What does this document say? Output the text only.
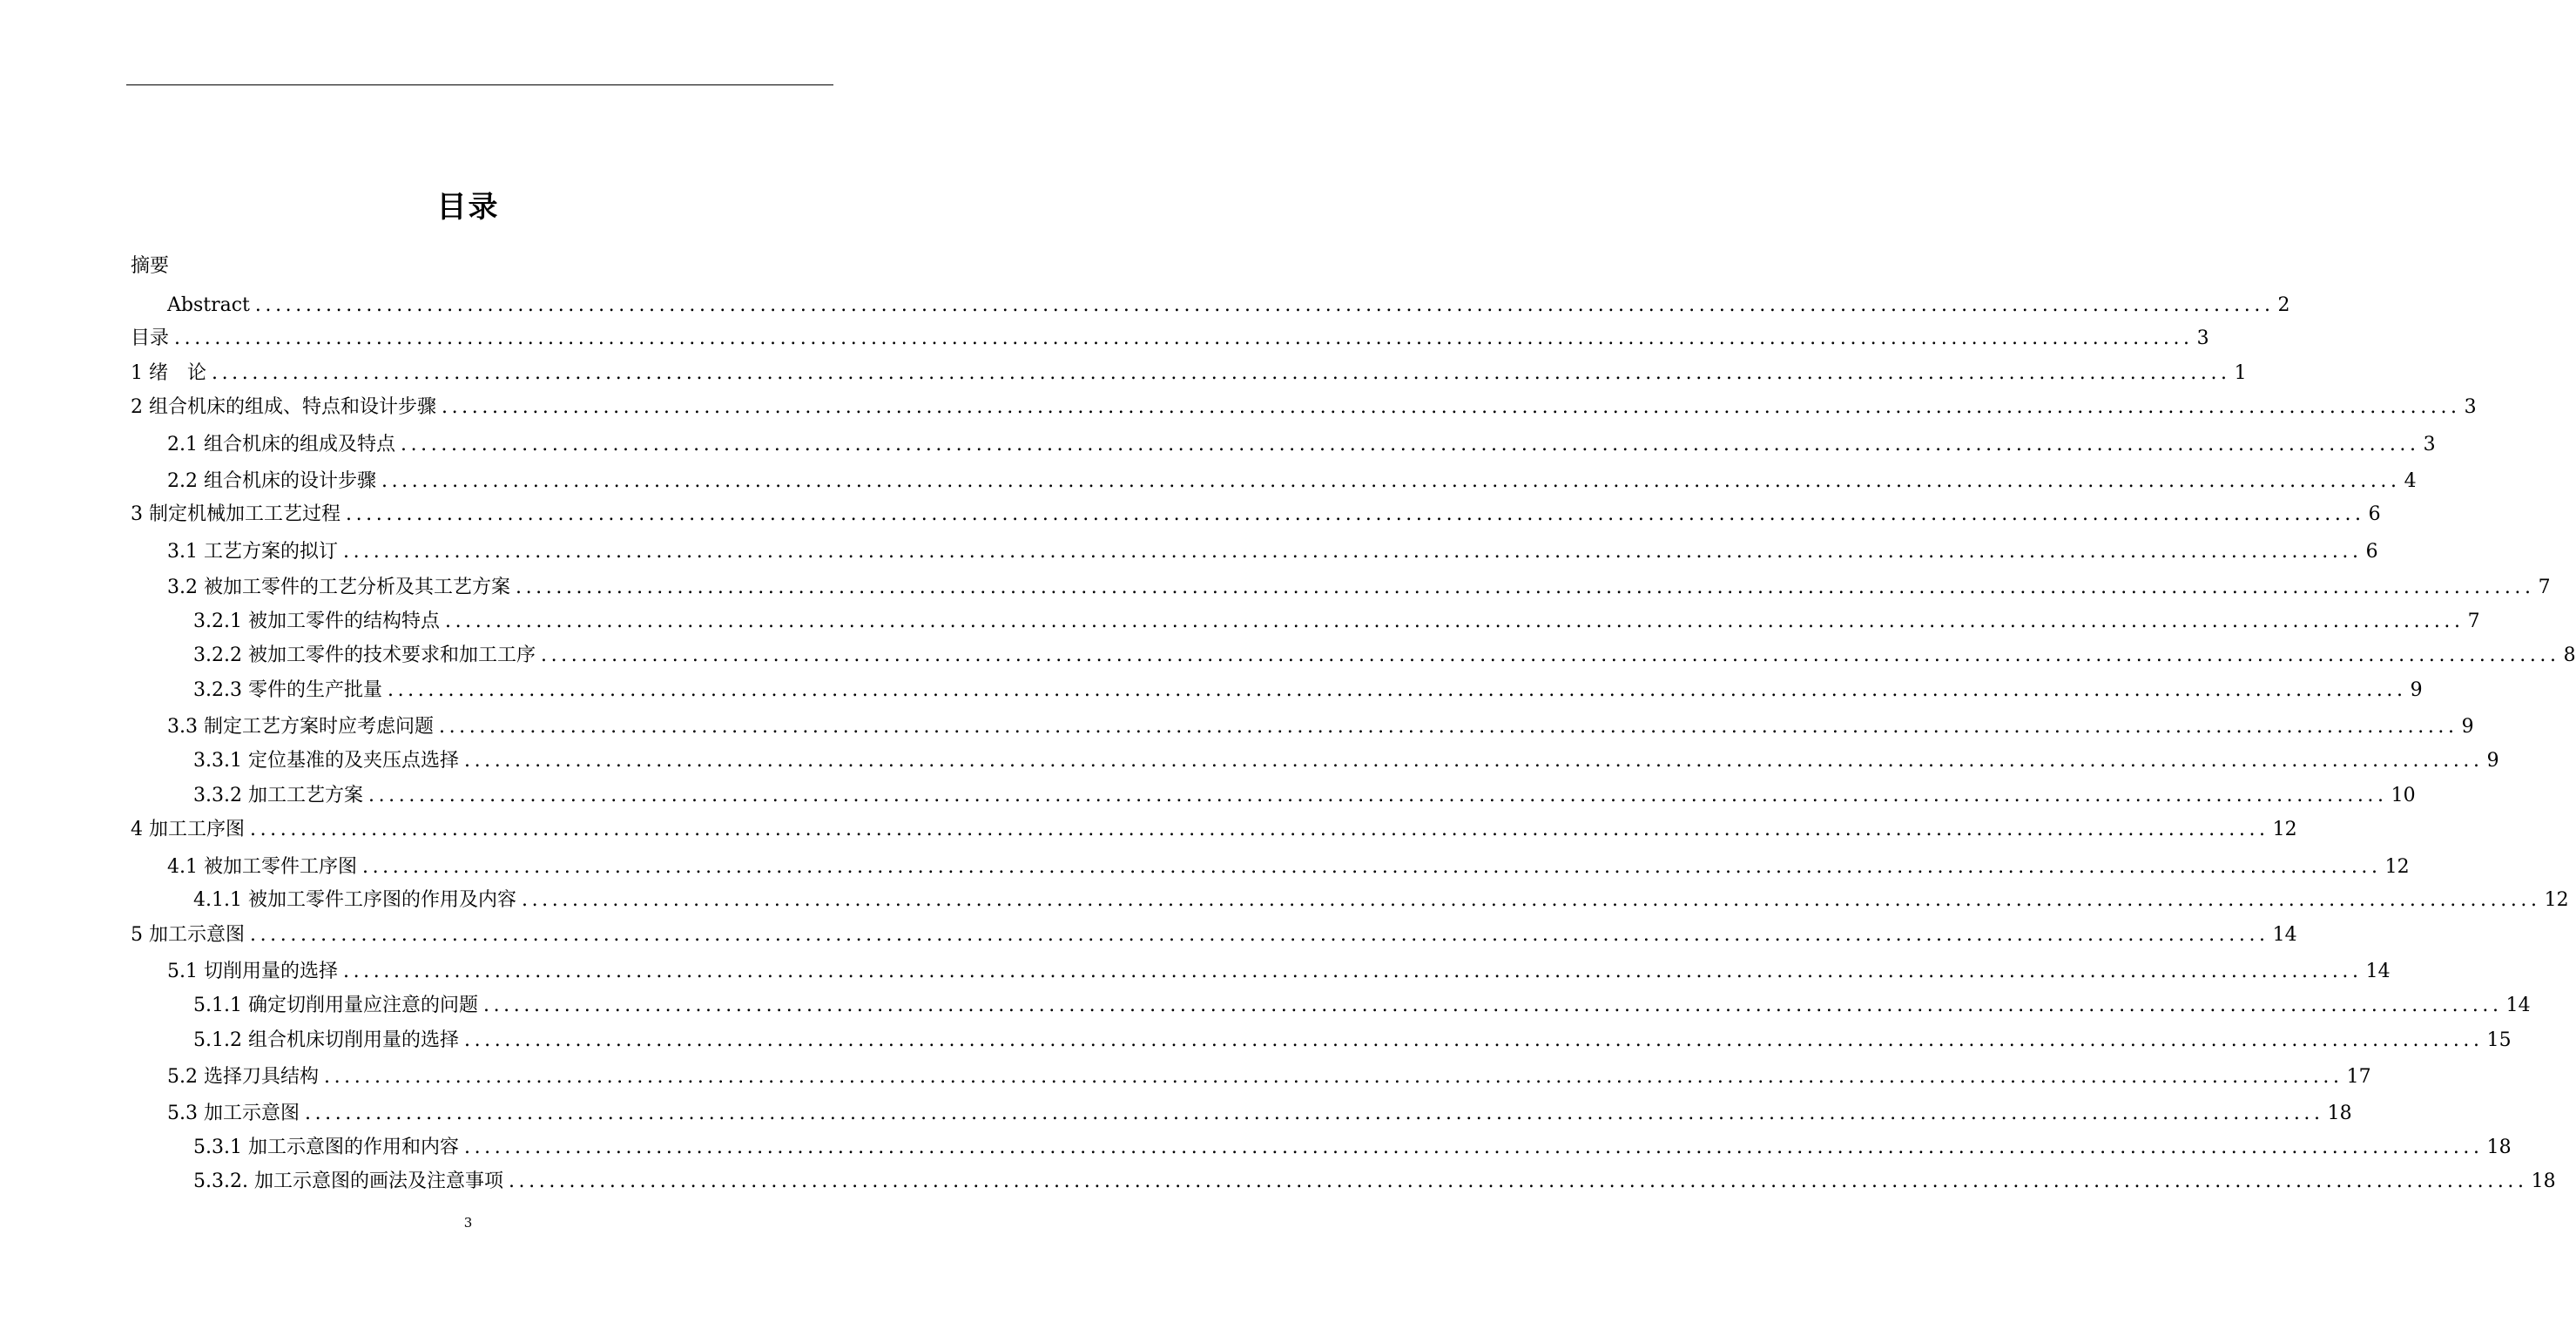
目录
摘要
Abstract ........................................................................................................................................................................................................ 2
目录 ........................................................................................................................................................................................................ 3
1 绪　论 ........................................................................................................................................................................................................ 1
2 组合机床的组成、特点和设计步骤 ........................................................................................................................................................................................................ 3
2.1 组合机床的组成及特点 ........................................................................................................................................................................................................ 3
2.2 组合机床的设计步骤 ........................................................................................................................................................................................................ 4
3 制定机械加工工艺过程 ........................................................................................................................................................................................................ 6
3.1 工艺方案的拟订 ........................................................................................................................................................................................................ 6
3.2 被加工零件的工艺分析及其工艺方案 ........................................................................................................................................................................................................ 7
3.2.1 被加工零件的结构特点 ........................................................................................................................................................................................................ 7
3.2.2 被加工零件的技术要求和加工工序 ........................................................................................................................................................................................................ 8
3.2.3 零件的生产批量 ........................................................................................................................................................................................................ 9
3.3 制定工艺方案时应考虑问题 ........................................................................................................................................................................................................ 9
3.3.1 定位基准的及夹压点选择 ........................................................................................................................................................................................................ 9
3.3.2 加工工艺方案 ........................................................................................................................................................................................................ 10
4 加工工序图 ........................................................................................................................................................................................................ 12
4.1 被加工零件工序图 ........................................................................................................................................................................................................ 12
4.1.1 被加工零件工序图的作用及内容 ........................................................................................................................................................................................................ 12
5 加工示意图 ........................................................................................................................................................................................................ 14
5.1 切削用量的选择 ........................................................................................................................................................................................................ 14
5.1.1 确定切削用量应注意的问题 ........................................................................................................................................................................................................ 14
5.1.2 组合机床切削用量的选择 ........................................................................................................................................................................................................ 15
5.2 选择刀具结构 ........................................................................................................................................................................................................ 17
5.3 加工示意图 ........................................................................................................................................................................................................ 18
5.3.1 加工示意图的作用和内容 ........................................................................................................................................................................................................ 18
5.3.2. 加工示意图的画法及注意事项 ........................................................................................................................................................................................................ 18
3
